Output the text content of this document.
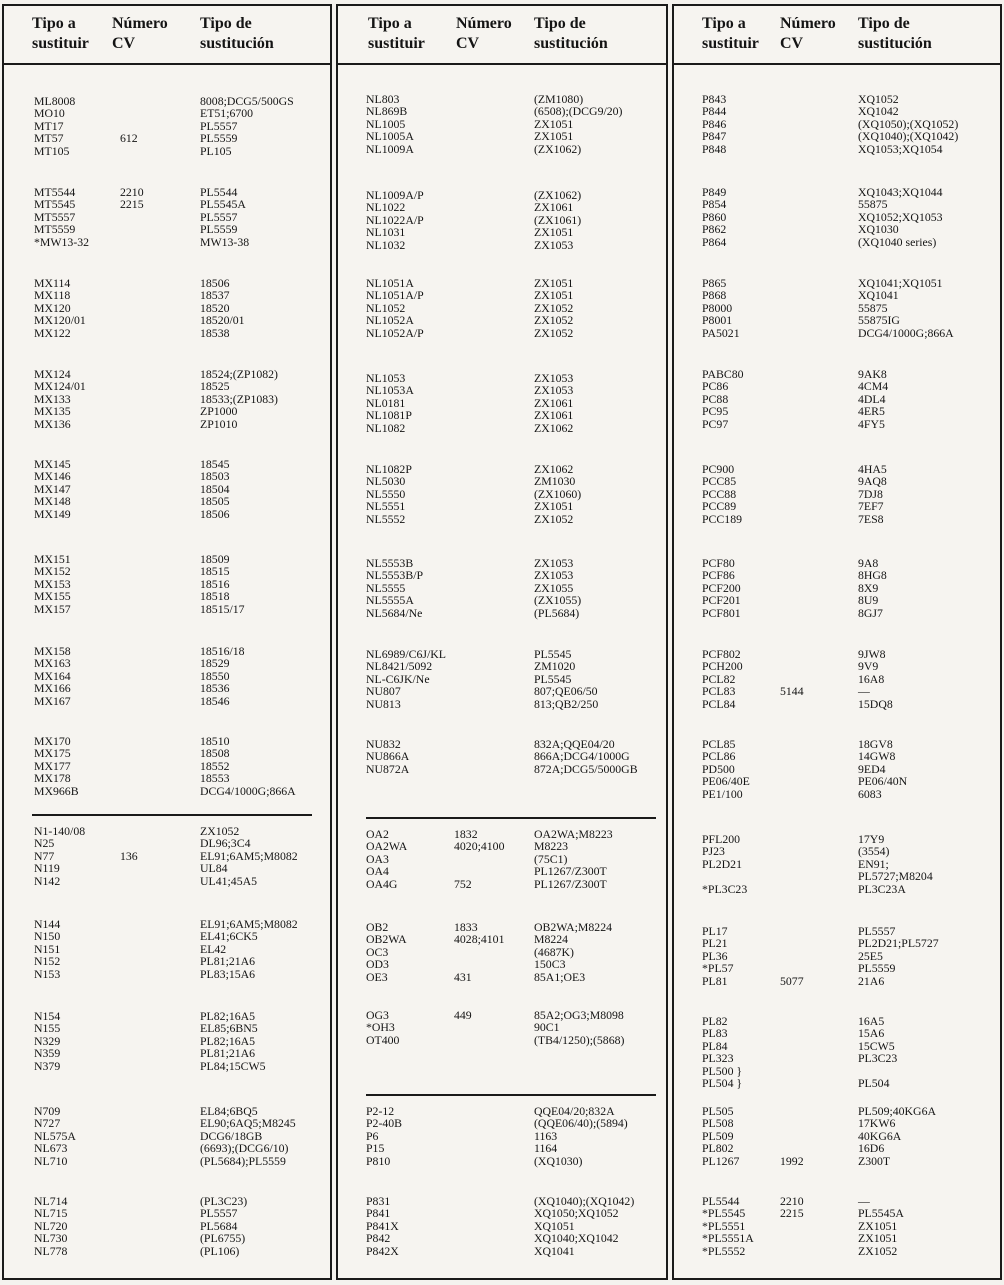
Tipo a
sustituir
Número
CV
Tipo de
sustitución
ML8008	8008;DCG5/500GS
MO10	ET51;6700
MT17	PL5557
MT57	612	PL5559
MT105	PL105
MT5544	2210	PL5544
MT5545	2215	PL5545A
MT5557	PL5557
MT5559	PL5559
*MW13-32	MW13-38
MX114	18506
MX118	18537
MX120	18520
MX120/01	18520/01
MX122	18538
MX124	18524;(ZP1082)
MX124/01	18525
MX133	18533;(ZP1083)
MX135	ZP1000
MX136	ZP1010
MX145	18545
MX146	18503
MX147	18504
MX148	18505
MX149	18506
MX151	18509
MX152	18515
MX153	18516
MX155	18518
MX157	18515/17
MX158	18516/18
MX163	18529
MX164	18550
MX166	18536
MX167	18546
MX170	18510
MX175	18508
MX177	18552
MX178	18553
MX966B	DCG4/1000G;866A
N1-140/08	ZX1052
N25	DL96;3C4
N77	136	EL91;6AM5;M8082
N119	UL84
N142	UL41;45A5
N144	EL91;6AM5;M8082
N150	EL41;6CK5
N151	EL42
N152	PL81;21A6
N153	PL83;15A6
N154	PL82;16A5
N155	EL85;6BN5
N329	PL82;16A5
N359	PL81;21A6
N379	PL84;15CW5
N709	EL84;6BQ5
N727	EL90;6AQ5;M8245
NL575A	DCG6/18GB
NL673	(6693);(DCG6/10)
NL710	(PL5684);PL5559
NL714	(PL3C23)
NL715	PL5557
NL720	PL5684
NL730	(PL6755)
NL778	(PL106)
Tipo a
sustituir
Número
CV
Tipo de
sustitución
NL803	(ZM1080)
NL869B	(6508);(DCG9/20)
NL1005	ZX1051
NL1005A	ZX1051
NL1009A	(ZX1062)
NL1009A/P	(ZX1062)
NL1022	ZX1061
NL1022A/P	(ZX1061)
NL1031	ZX1051
NL1032	ZX1053
NL1051A	ZX1051
NL1051A/P	ZX1051
NL1052	ZX1052
NL1052A	ZX1052
NL1052A/P	ZX1052
NL1053	ZX1053
NL1053A	ZX1053
NL0181	ZX1061
NL1081P	ZX1061
NL1082	ZX1062
NL1082P	ZX1062
NL5030	ZM1030
NL5550	(ZX1060)
NL5551	ZX1051
NL5552	ZX1052
NL5553B	ZX1053
NL5553B/P	ZX1053
NL5555	ZX1055
NL5555A	(ZX1055)
NL5684/Ne	(PL5684)
NL6989/C6J/KL	PL5545
NL8421/5092	ZM1020
NL-C6JK/Ne	PL5545
NU807	807;QE06/50
NU813	813;QB2/250
NU832	832A;QQE04/20
NU866A	866A;DCG4/1000G
NU872A	872A;DCG5/5000GB
OA2	1832	OA2WA;M8223
OA2WA	4020;4100	M8223
OA3	(75C1)
OA4	PL1267/Z300T
OA4G	752	PL1267/Z300T
OB2	1833	OB2WA;M8224
OB2WA	4028;4101	M8224
OC3	(4687K)
OD3	150C3
OE3	431	85A1;OE3
OG3	449	85A2;OG3;M8098
*OH3	90C1
OT400	(TB4/1250);(5868)
P2-12	QQE04/20;832A
P2-40B	(QQE06/40);(5894)
P6	1163
P15	1164
P810	(XQ1030)
P831	(XQ1040);(XQ1042)
P841	XQ1050;XQ1052
P841X	XQ1051
P842	XQ1040;XQ1042
P842X	XQ1041
Tipo a
sustituir
Número
CV
Tipo de
sustitución
P843	XQ1052
P844	XQ1042
P846	(XQ1050);(XQ1052)
P847	(XQ1040);(XQ1042)
P848	XQ1053;XQ1054
P849	XQ1043;XQ1044
P854	55875
P860	XQ1052;XQ1053
P862	XQ1030
P864	(XQ1040 series)
P865	XQ1041;XQ1051
P868	XQ1041
P8000	55875
P8001	55875IG
PA5021	DCG4/1000G;866A
PABC80	9AK8
PC86	4CM4
PC88	4DL4
PC95	4ER5
PC97	4FY5
PC900	4HA5
PCC85	9AQ8
PCC88	7DJ8
PCC89	7EF7
PCC189	7ES8
PCF80	9A8
PCF86	8HG8
PCF200	8X9
PCF201	8U9
PCF801	8GJ7
PCF802	9JW8
PCH200	9V9
PCL82	16A8
PCL83	5144	—
PCL84	15DQ8
PCL85	18GV8
PCL86	14GW8
PD500	9ED4
PE06/40E	PE06/40N
PE1/100	6083
PFL200	17Y9
PJ23	(3554)
PL2D21	EN91;
PL5727;M8204
*PL3C23	PL3C23A
PL17	PL5557
PL21	PL2D21;PL5727
PL36	25E5
*PL57	PL5559
PL81	5077	21A6
PL82	16A5
PL83	15A6
PL84	15CW5
PL323	PL3C23
PL500 }
PL504 }	PL504
PL505	PL509;40KG6A
PL508	17KW6
PL509	40KG6A
PL802	16D6
PL1267	1992	Z300T
PL5544	2210	—
*PL5545	2215	PL5545A
*PL5551	ZX1051
*PL5551A	ZX1051
*PL5552	ZX1052
